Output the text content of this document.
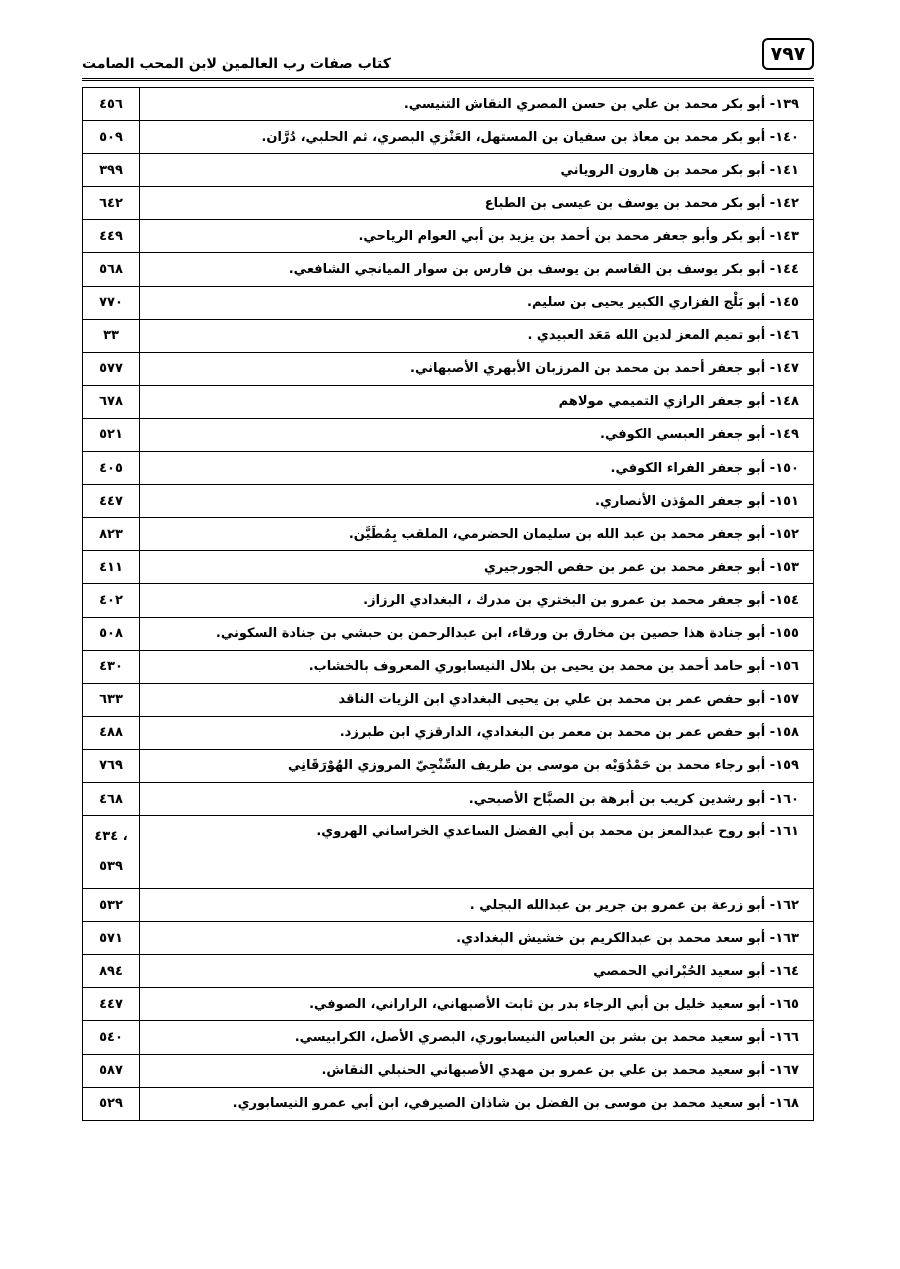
٧٩٧
كتاب صفات رب العالمين لابن المحب الصامت
١٣٩- أبو بكر محمد بن علي بن حسن المصري النقاش التنيسي.	٤٥٦
١٤٠- أبو بكر محمد بن معاذ بن سفيان بن المستهل، العَنْزي البصري، ثم الحلبي، دُرَّان.	٥٠٩
١٤١- أبو بكر محمد بن هارون الروياني	٣٩٩
١٤٢- أبو بكر محمد بن يوسف بن عيسى بن الطباع	٦٤٢
١٤٣- أبو بكر وأبو جعفر محمد بن أحمد بن يزيد بن أبي العوام الرياحي.	٤٤٩
١٤٤- أبو بكر يوسف بن القاسم بن يوسف بن فارس بن سوار الميانجي الشافعي.	٥٦٨
١٤٥- أبو بَلْج الفزاري الكبير يحيى بن سليم.	٧٧٠
١٤٦- أبو تميم المعز لدين الله مَعَد العبيدي .	٣٣
١٤٧- أبو جعفر أحمد بن محمد بن المرزبان الأبهري الأصبهاني.	٥٧٧
١٤٨- أبو جعفر الرازي التميمي مولاهم	٦٧٨
١٤٩- أبو جعفر العبسي الكوفي.	٥٢١
١٥٠- أبو جعفر الفراء الكوفي.	٤٠٥
١٥١- أبو جعفر المؤذن الأنصاري.	٤٤٧
١٥٢- أبو جعفر محمد بن عبد الله بن سليمان الحضرمي، الملقب بِمُطَيَّن.	٨٢٣
١٥٣- أبو جعفر محمد بن عمر بن حفص الجورجيري	٤١١
١٥٤- أبو جعفر محمد بن عمرو بن البختري بن مدرك ، البغدادي الرزاز.	٤٠٢
١٥٥- أبو جنادة هذا حصين بن مخارق بن ورقاء، ابن عبدالرحمن بن حبشي بن جنادة السكوني.	٥٠٨
١٥٦- أبو حامد أحمد بن محمد بن يحيى بن بلال النيسابوري المعروف بالخشاب.	٤٣٠
١٥٧- أبو حفص عمر بن محمد بن علي بن يحيى البغدادي ابن الزيات الناقد	٦٣٣
١٥٨- أبو حفص عمر بن محمد بن معمر بن البغدادي، الدارقزي ابن طبرزد.	٤٨٨
١٥٩- أبو رجاء محمد بن حَمْدُوَيْه بن موسى بن طريف السِّنْجِيّ المروزي الهُوْرَقَانِي	٧٦٩
١٦٠- أبو رشدين كريب بن أبرهة بن الصبَّاح الأصبحي.	٤٦٨
١٦١- أبو روح عبدالمعز بن محمد بن أبي الفضل الساعدي الخراساني الهروي.	٤٣٤ ،
٥٣٩

١٦٢- أبو زرعة بن عمرو بن جرير بن عبدالله البجلي .	٥٣٢
١٦٣- أبو سعد محمد بن عبدالكريم بن خشيش البغدادي.	٥٧١
١٦٤- أبو سعيد الحُبْراني الحمصي	٨٩٤
١٦٥- أبو سعيد خليل بن أبي الرجاء بدر بن ثابت الأصبهاني، الراراني، الصوفي.	٤٤٧
١٦٦- أبو سعيد محمد بن بشر بن العباس النيسابوري، البصري الأصل، الكرابيسي.	٥٤٠
١٦٧- أبو سعيد محمد بن علي بن عمرو بن مهدي الأصبهاني الحنبلي النقاش.	٥٨٧
١٦٨- أبو سعيد محمد بن موسى بن الفضل بن شاذان الصيرفي، ابن أبي عمرو النيسابوري.	٥٢٩
